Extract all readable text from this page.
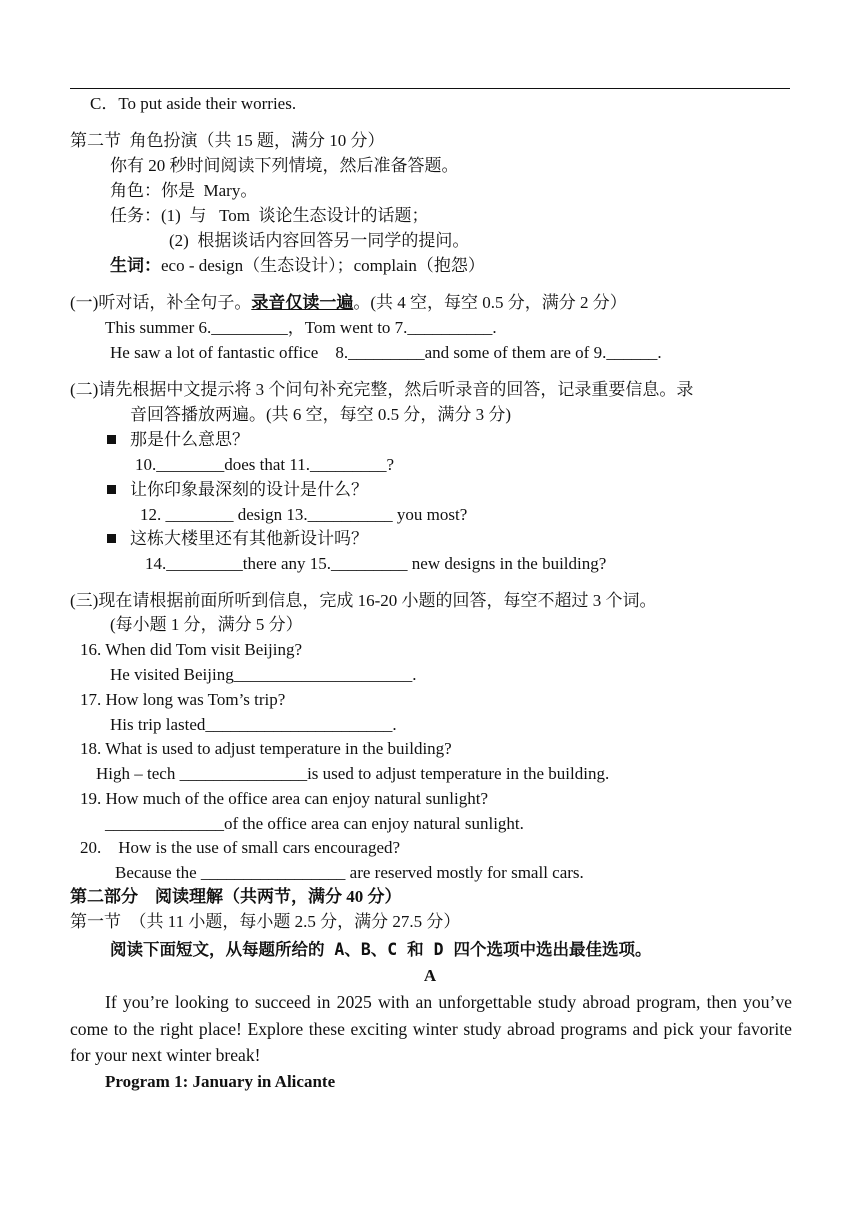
C．To put aside their worries.
第二节  角色扮演（共 15 题，满分 10 分）
你有 20 秒时间阅读下列情境，然后准备答题。
角色：你是  Mary。
任务：(1)  与   Tom  谈论生态设计的话题；
(2)  根据谈话内容回答另一同学的提问。
生词：eco - design（生态设计）；complain（抱怨）
(一)听对话，补全句子。录音仅读一遍。(共 4 空，每空 0.5 分，满分 2 分）
This summer 6._________，Tom went to 7.__________.
He saw a lot of fantastic office    8._________and some of them are of 9.______.
(二)请先根据中文提示将 3 个问句补充完整，然后听录音的回答，记录重要信息。录
音回答播放两遍。(共 6 空，每空 0.5 分，满分 3 分)
那是什么意思？
10.________does that 11._________?
让你印象最深刻的设计是什么？
12. ________ design 13.__________ you most?
这栋大楼里还有其他新设计吗？
14._________there any 15._________ new designs in the building?
(三)现在请根据前面所听到信息，完成 16-20 小题的回答，每空不超过 3 个词。
(每小题 1 分，满分 5 分）
16. When did Tom visit Beijing?
He visited Beijing_____________________.
17. How long was Tom’s trip?
His trip lasted______________________.
18. What is used to adjust temperature in the building?
High – tech _______________is used to adjust temperature in the building.
19. How much of the office area can enjoy natural sunlight?
______________of the office area can enjoy natural sunlight.
20.    How is the use of small cars encouraged?
Because the _________________ are reserved mostly for small cars.
第二部分    阅读理解（共两节，满分 40 分）
第一节  （共 11 小题，每小题 2.5 分，满分 27.5 分）
阅读下面短文，从每题所给的 A、B、C 和 D 四个选项中选出最佳选项。
A
If you’re looking to succeed in 2025 with an unforgettable study abroad program, then you’ve come to the right place! Explore these exciting winter study abroad programs and pick your favorite for your next winter break!
Program 1: January in Alicante
